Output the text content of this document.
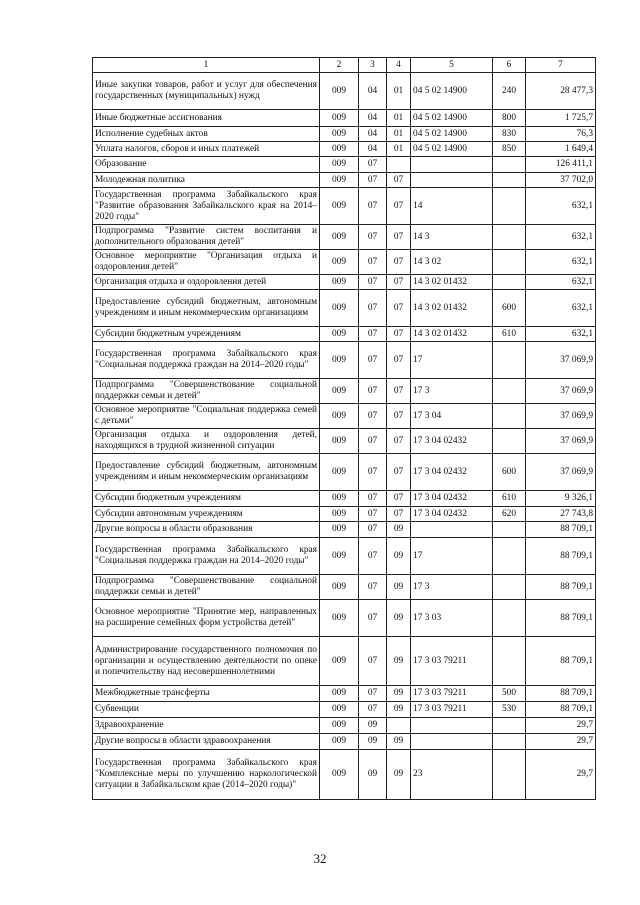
1	2	3	4	5	6	7
Иные закупки товаров, работ и услуг для обеспечения государственных (муниципальных) нужд	009	04	01	04 5 02 14900	240	28 477,3
Иные бюджетные ассигнования	009	04	01	04 5 02 14900	800	1 725,7
Исполнение судебных актов	009	04	01	04 5 02 14900	830	76,3
Уплата налогов, сборов и иных платежей	009	04	01	04 5 02 14900	850	1 649,4
Образование	009	07				126 411,1
Молодежная политика	009	07	07			37 702,0
Государственная программа Забайкальского края "Развитие образования Забайкальского края на 2014–2020 годы"	009	07	07	14		632,1
Подпрограмма "Развитие систем воспитания и дополнительного образования детей"	009	07	07	14 3		632,1
Основное мероприятие "Организация отдыха и оздоровления детей"	009	07	07	14 3 02		632,1
Организация отдыха и оздоровления детей	009	07	07	14 3 02 01432		632,1
Предоставление субсидий бюджетным, автономным учреждениям и иным некоммерческим организациям	009	07	07	14 3 02 01432	600	632,1
Субсидии бюджетным учреждениям	009	07	07	14 3 02 01432	610	632,1
Государственная программа Забайкальского края "Социальная поддержка граждан на 2014–2020 годы"	009	07	07	17		37 069,9
Подпрограмма "Совершенствование социальной поддержки семьи и детей"	009	07	07	17 3		37 069,9
Основное мероприятие "Социальная поддержка семей с детьми"	009	07	07	17 3 04		37 069,9
Организация отдыха и оздоровления детей, находящихся в трудной жизненной ситуации	009	07	07	17 3 04 02432		37 069,9
Предоставление субсидий бюджетным, автономным учреждениям и иным некоммерческим организациям	009	07	07	17 3 04 02432	600	37 069,9
Субсидии бюджетным учреждениям	009	07	07	17 3 04 02432	610	9 326,1
Субсидии автономным учреждениям	009	07	07	17 3 04 02432	620	27 743,8
Другие вопросы в области образования	009	07	09			88 709,1
Государственная программа Забайкальского края "Социальная поддержка граждан на 2014–2020 годы"	009	07	09	17		88 709,1
Подпрограмма "Совершенствование социальной поддержки семьи и детей"	009	07	09	17 3		88 709,1
Основное мероприятие "Принятие мер, направленных на расширение семейных форм устройства детей"	009	07	09	17 3 03		88 709,1
Администрирование государственного полномочия по организации и осуществлению деятельности по опеке и попечительству над несовершеннолетними	009	07	09	17 3 03 79211		88 709,1
Межбюджетные трансферты	009	07	09	17 3 03 79211	500	88 709,1
Субвенции	009	07	09	17 3 03 79211	530	88 709,1
Здравоохранение	009	09				29,7
Другие вопросы в области здравоохранения	009	09	09			29,7
Государственная программа Забайкальского края "Комплексные меры по улучшению наркологической ситуации в Забайкальском крае (2014–2020 годы)"	009	09	09	23		29,7
32
